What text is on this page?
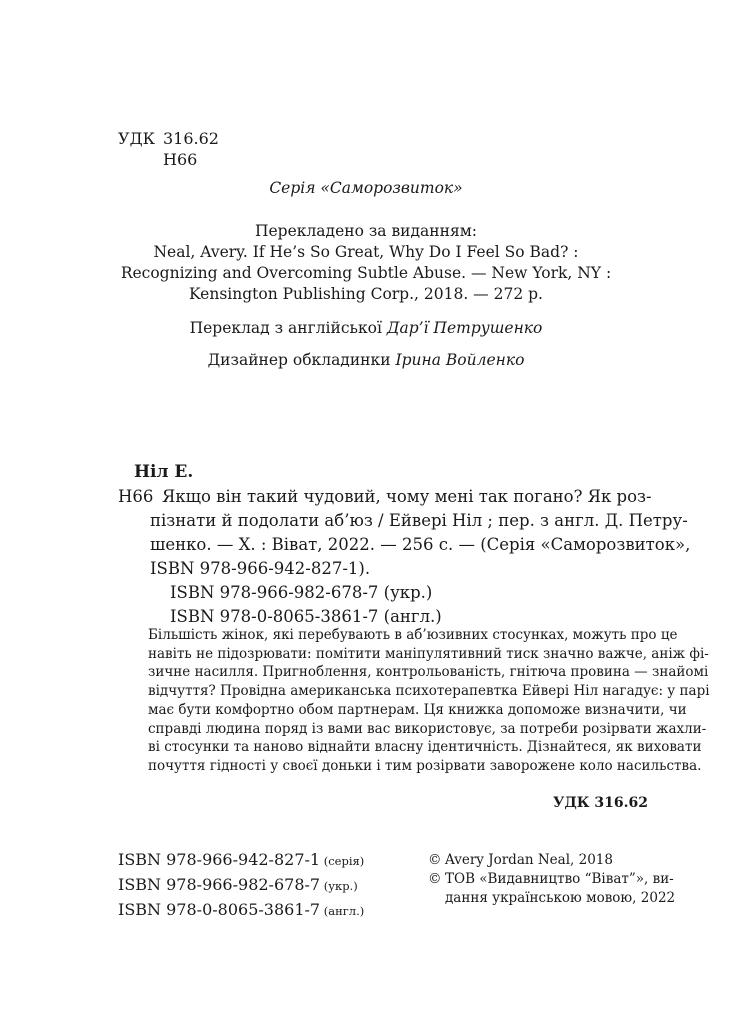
УДК 316.62
Н66
Серія «Саморозвиток»
Перекладено за виданням:
Neal, Avery. If He’s So Great, Why Do I Feel So Bad? :
Recognizing and Overcoming Subtle Abuse. — New York, NY :
Kensington Publishing Corp., 2018. — 272 p.
Переклад з англійської Дар’ї Петрушенко
Дизайнер обкладинки Ірина Войленко
Ніл Е.
Н66 Якщо він такий чудовий, чому мені так погано? Як роз-
пізнати й подолати аб’юз / Ейвері Ніл ; пер. з англ. Д. Петру-
шенко. — Х. : Віват, 2022. — 256 с. — (Серія «Саморозвиток»,
ISBN 978-966-942-827-1).
ISBN 978-966-982-678-7 (укр.)
ISBN 978-0-8065-3861-7 (англ.)
Більшість жінок, які перебувають в аб’юзивних стосунках, можуть про це
навіть не підозрювати: помітити маніпулятивний тиск значно важче, аніж фі-
зичне насилля. Пригноблення, контрольованість, гнітюча провина — знайомі
відчуття? Провідна американська психотерапевтка Ейвері Ніл нагадує: у парі
має бути комфортно обом партнерам. Ця книжка допоможе визначити, чи
справді людина поряд із вами вас використовує, за потреби розірвати жахли-
ві стосунки та наново віднайти власну ідентичність. Дізнайтеся, як виховати
почуття гідності у своєї доньки і тим розірвати заворожене коло насильства.
УДК 316.62
ISBN 978-966-942-827-1 (серія)
ISBN 978-966-982-678-7 (укр.)
ISBN 978-0-8065-3861-7 (англ.)
© Avery Jordan Neal, 2018
© ТОВ «Видавництво “Віват”», ви-
дання українською мовою, 2022
